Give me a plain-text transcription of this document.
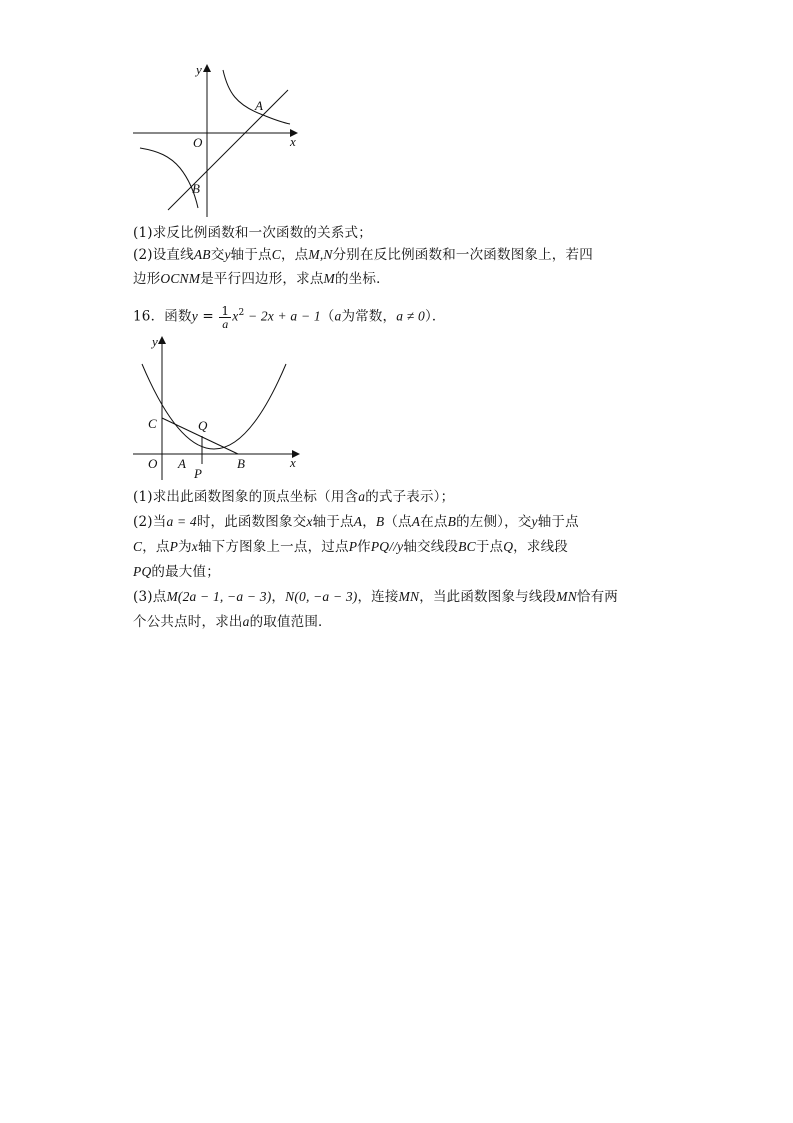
y
x
O
A
B
(1)求反比例函数和一次函数的关系式；
(2)设直线AB交y轴于点C，点M,N分别在反比例函数和一次函数图象上，若四
边形OCNM是平行四边形，求点M的坐标．
16．函数$y = \frac{1}{a} x^2 - 2x + a - 1(a$为常数，a ≠ 0）．
y
x
O
C	Q
A
P
B
(1)求出此函数图象的顶点坐标（用含a的式子表示）；
(2)当a = 4时，此函数图象交x轴于点A，B（点A在点B的左侧），交y轴于点
C，点P为x轴下方图象上一点，过点P作PQ//y轴交线段BC于点Q，求线段
PQ的最大值；
(3)点M(2a − 1, −a − 3)，N(0, −a − 3)，连接MN，当此函数图象与线段MN恰有两
个公共点时，求出a的取值范围．
